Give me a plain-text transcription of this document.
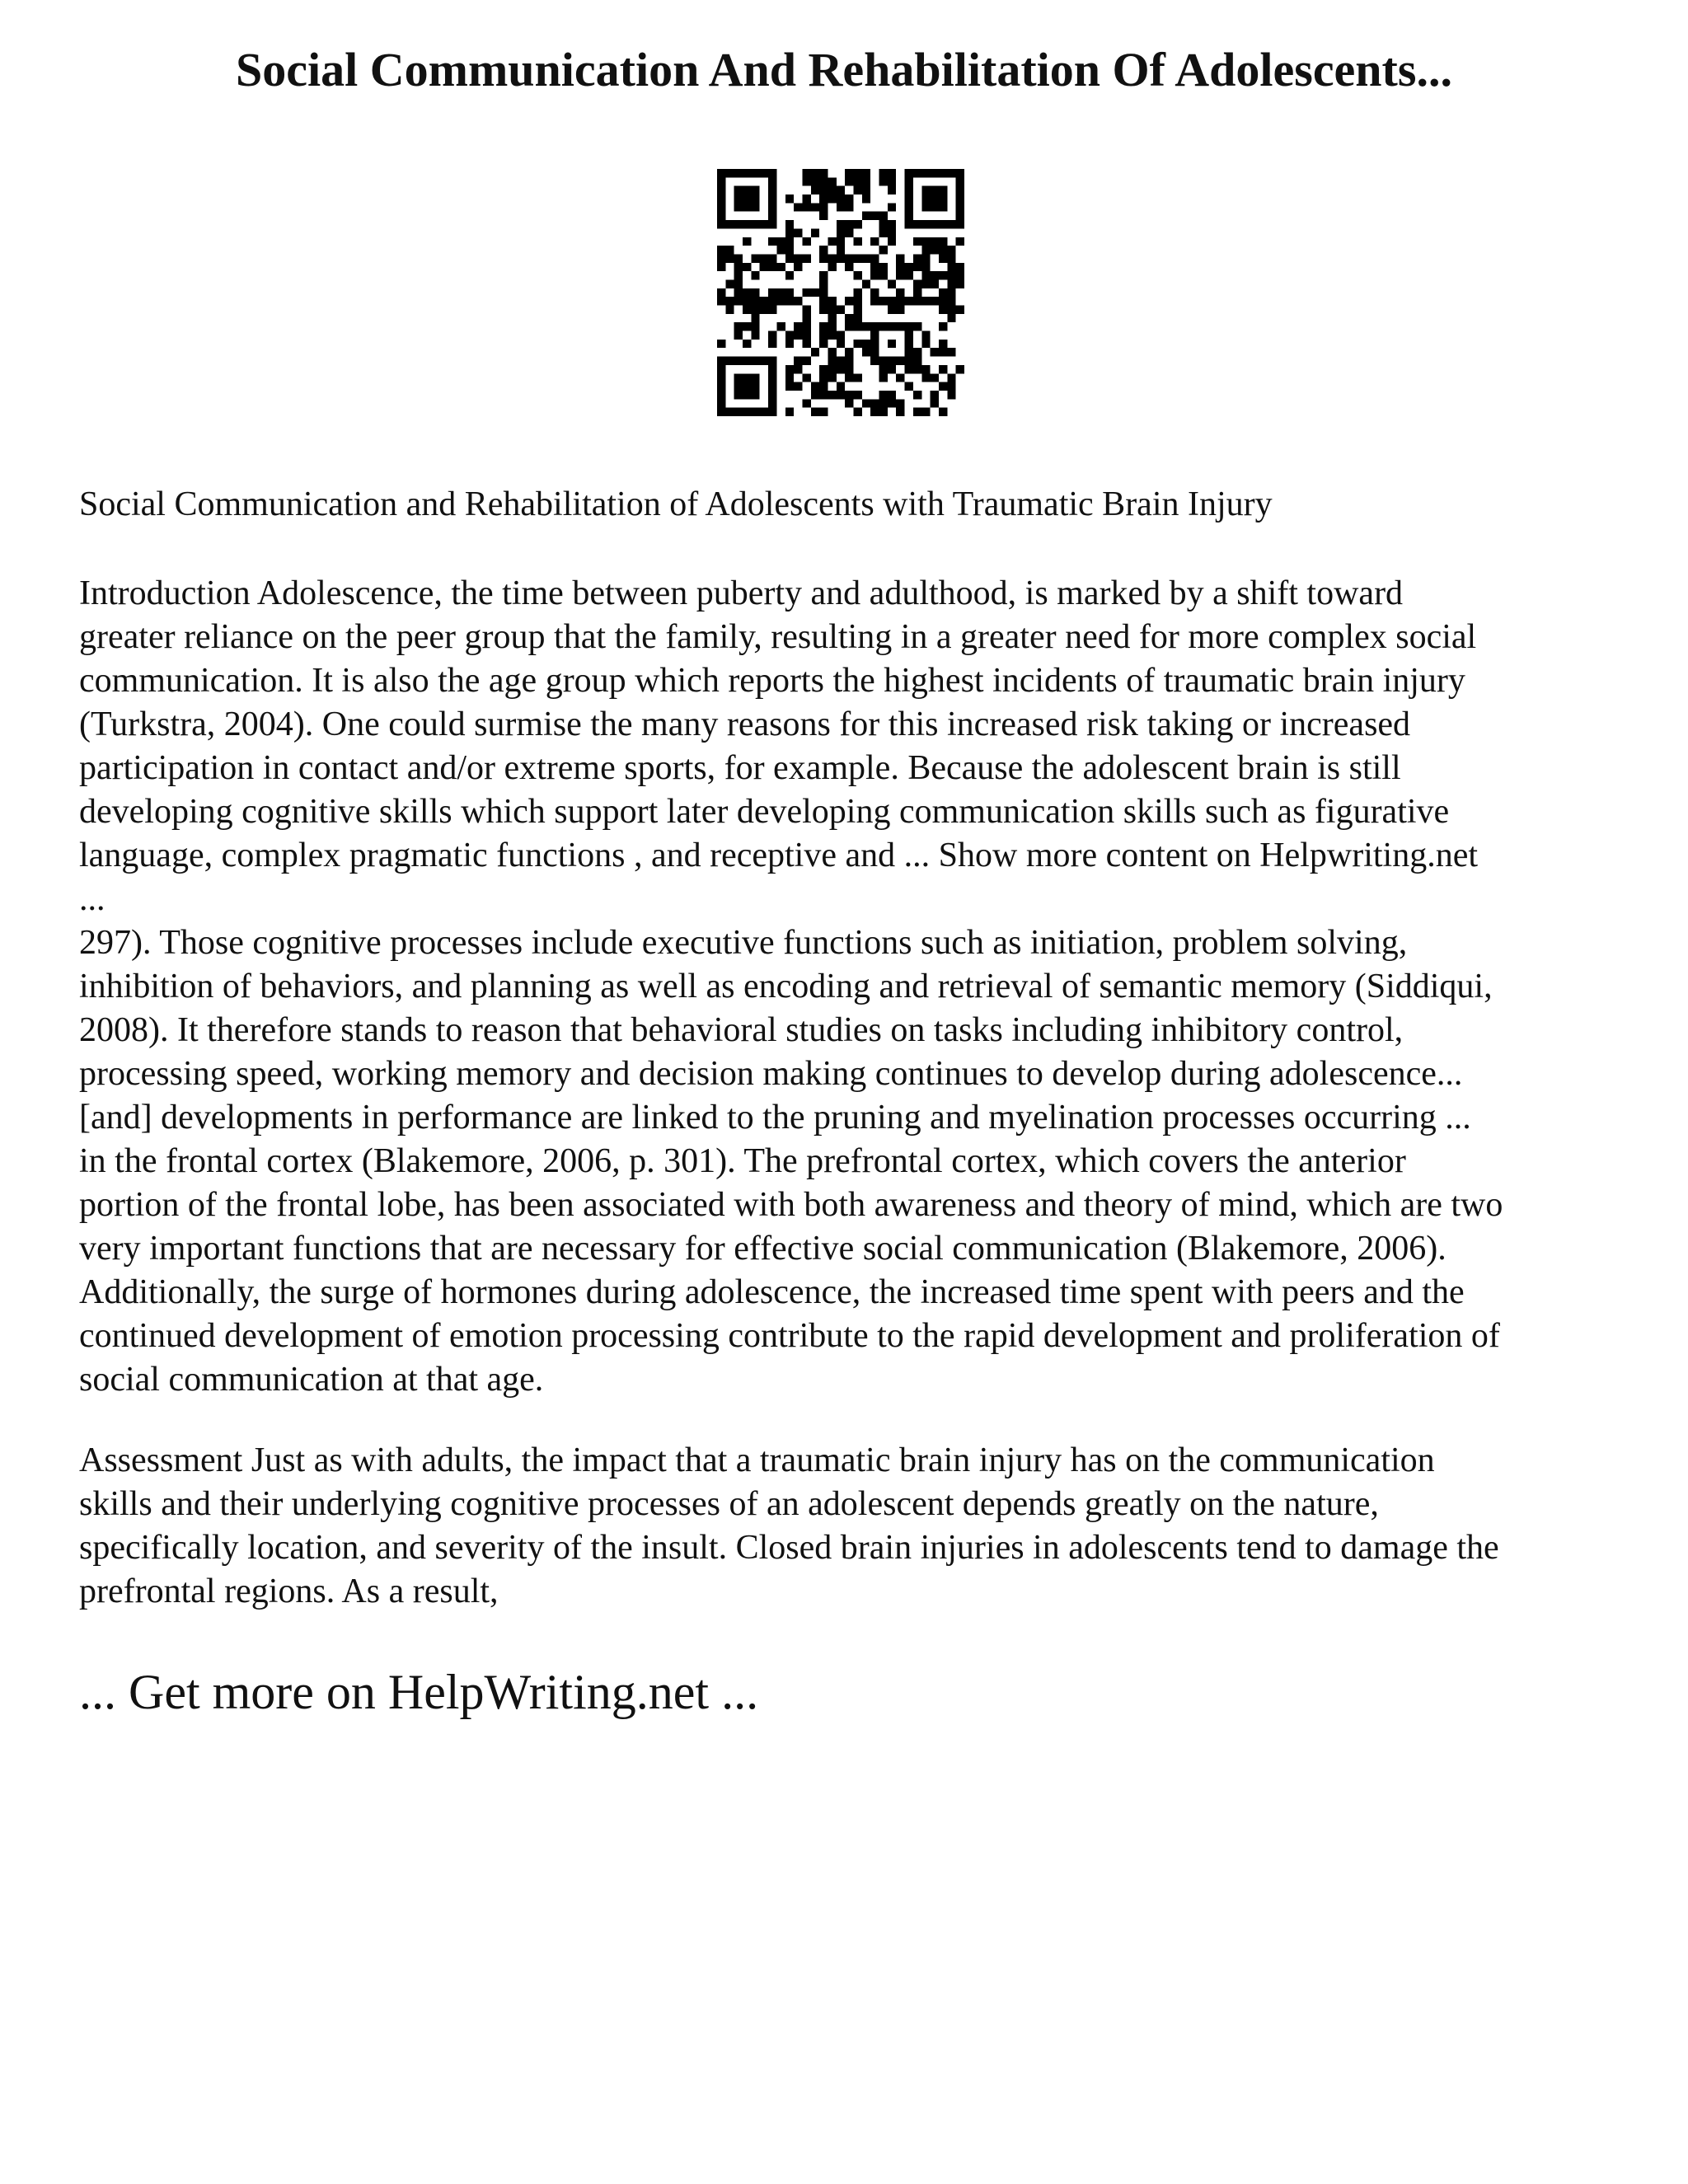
Social Communication And Rehabilitation Of Adolescents...

Social Communication and Rehabilitation of Adolescents with Traumatic Brain Injury

Introduction Adolescence, the time between puberty and adulthood, is marked by a shift toward
greater reliance on the peer group that the family, resulting in a greater need for more complex social
communication. It is also the age group which reports the highest incidents of traumatic brain injury
(Turkstra, 2004). One could surmise the many reasons for this increased risk taking or increased
participation in contact and/or extreme sports, for example. Because the adolescent brain is still
developing cognitive skills which support later developing communication skills such as figurative
language, complex pragmatic functions , and receptive and ... Show more content on Helpwriting.net
...
297). Those cognitive processes include executive functions such as initiation, problem solving,
inhibition of behaviors, and planning as well as encoding and retrieval of semantic memory (Siddiqui,
2008). It therefore stands to reason that behavioral studies on tasks including inhibitory control,
processing speed, working memory and decision making continues to develop during adolescence...
[and] developments in performance are linked to the pruning and myelination processes occurring ...
in the frontal cortex (Blakemore, 2006, p. 301). The prefrontal cortex, which covers the anterior
portion of the frontal lobe, has been associated with both awareness and theory of mind, which are two
very important functions that are necessary for effective social communication (Blakemore, 2006).
Additionally, the surge of hormones during adolescence, the increased time spent with peers and the
continued development of emotion processing contribute to the rapid development and proliferation of
social communication at that age.
Assessment Just as with adults, the impact that a traumatic brain injury has on the communication
skills and their underlying cognitive processes of an adolescent depends greatly on the nature,
specifically location, and severity of the insult. Closed brain injuries in adolescents tend to damage the
prefrontal regions. As a result,

... Get more on HelpWriting.net ...
